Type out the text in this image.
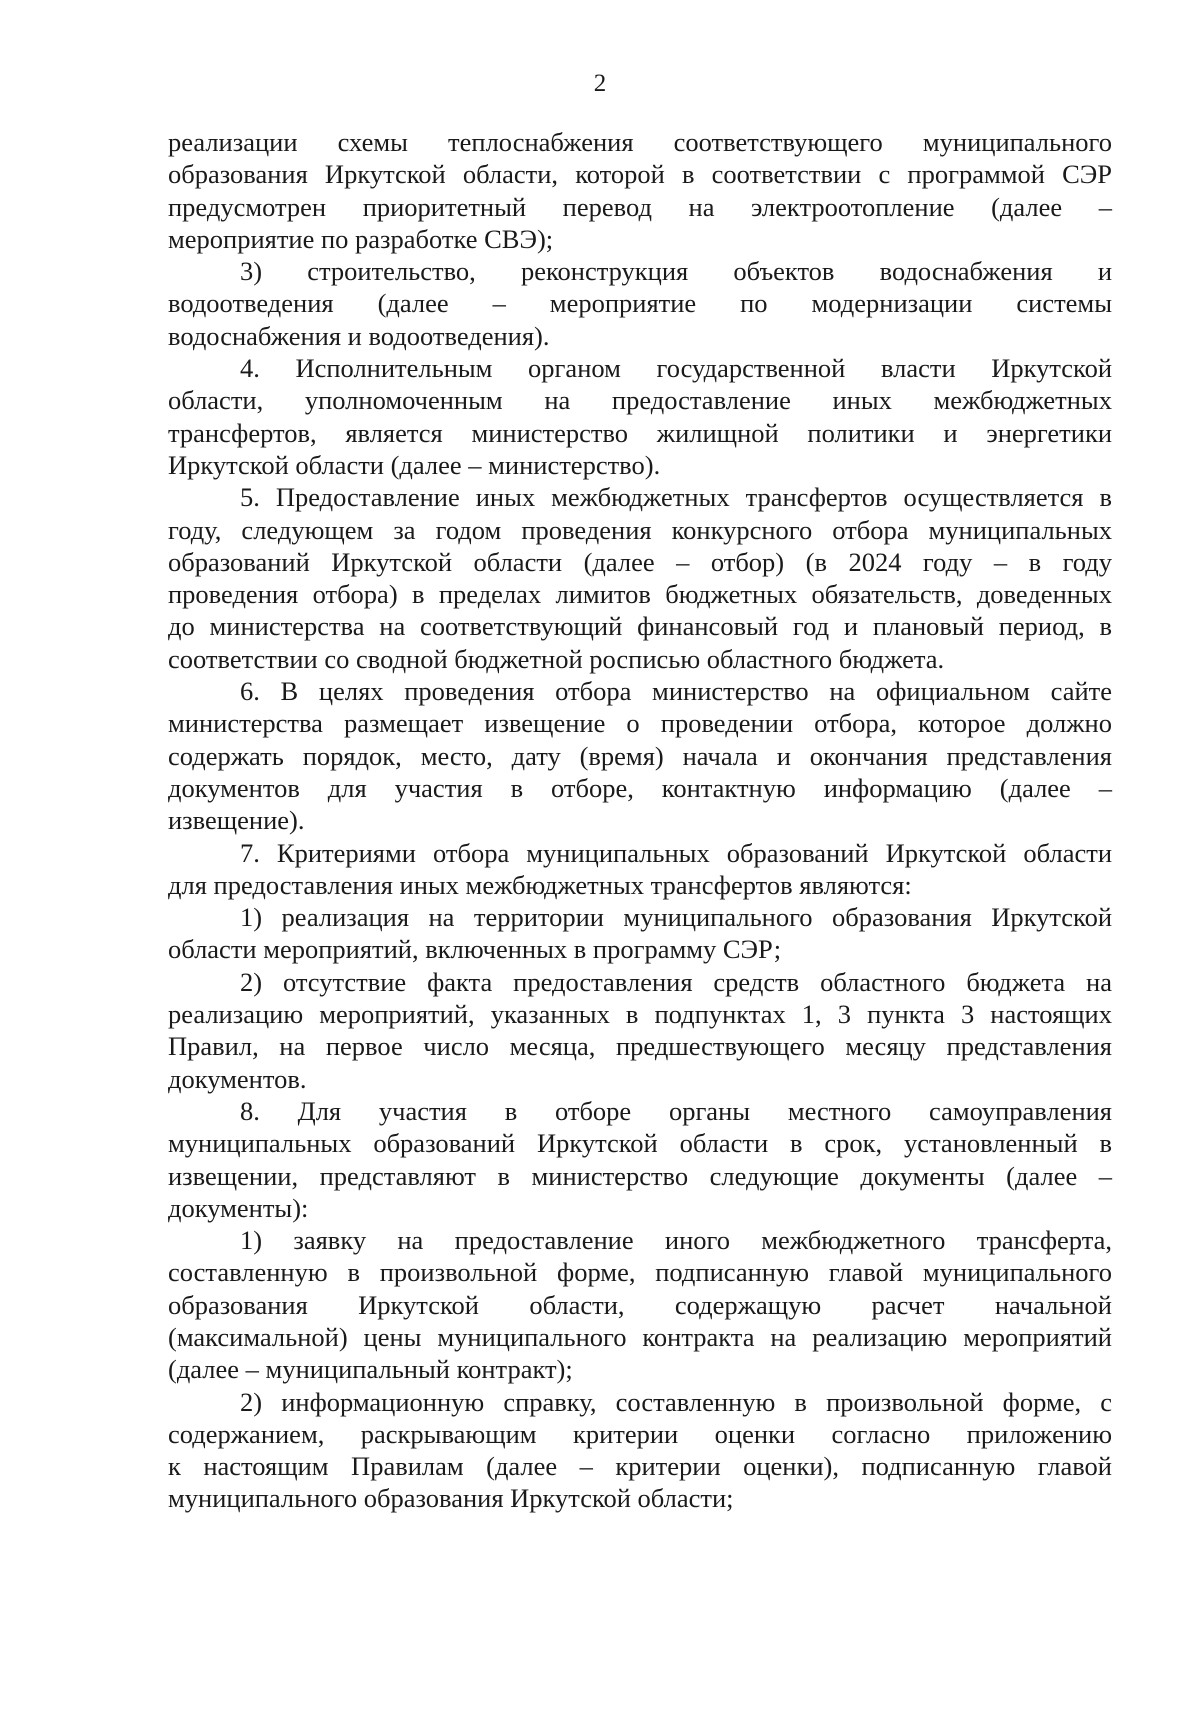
2
реализации схемы теплоснабжения соответствующего муниципального
образования Иркутской области, которой в соответствии с программой СЭР
предусмотрен приоритетный перевод на электроотопление (далее –
мероприятие по разработке СВЭ);
3) строительство, реконструкция объектов водоснабжения и
водоотведения (далее – мероприятие по модернизации системы
водоснабжения и водоотведения).
4. Исполнительным органом государственной власти Иркутской
области, уполномоченным на предоставление иных межбюджетных
трансфертов, является министерство жилищной политики и энергетики
Иркутской области (далее – министерство).
5. Предоставление иных межбюджетных трансфертов осуществляется в
году, следующем за годом проведения конкурсного отбора муниципальных
образований Иркутской области (далее – отбор) (в 2024 году – в году
проведения отбора) в пределах лимитов бюджетных обязательств, доведенных
до министерства на соответствующий финансовый год и плановый период, в
соответствии со сводной бюджетной росписью областного бюджета.
6. В целях проведения отбора министерство на официальном сайте
министерства размещает извещение о проведении отбора, которое должно
содержать порядок, место, дату (время) начала и окончания представления
документов для участия в отборе, контактную информацию (далее –
извещение).
7. Критериями отбора муниципальных образований Иркутской области
для предоставления иных межбюджетных трансфертов являются:
1) реализация на территории муниципального образования Иркутской
области мероприятий, включенных в программу СЭР;
2) отсутствие факта предоставления средств областного бюджета на
реализацию мероприятий, указанных в подпунктах 1, 3 пункта 3 настоящих
Правил, на первое число месяца, предшествующего месяцу представления
документов.
8. Для участия в отборе органы местного самоуправления
муниципальных образований Иркутской области в срок, установленный в
извещении, представляют в министерство следующие документы (далее –
документы):
1) заявку на предоставление иного межбюджетного трансферта,
составленную в произвольной форме, подписанную главой муниципального
образования Иркутской области, содержащую расчет начальной
(максимальной) цены муниципального контракта на реализацию мероприятий
(далее – муниципальный контракт);
2) информационную справку, составленную в произвольной форме, с
содержанием, раскрывающим критерии оценки согласно приложению
к настоящим Правилам (далее – критерии оценки), подписанную главой
муниципального образования Иркутской области;
